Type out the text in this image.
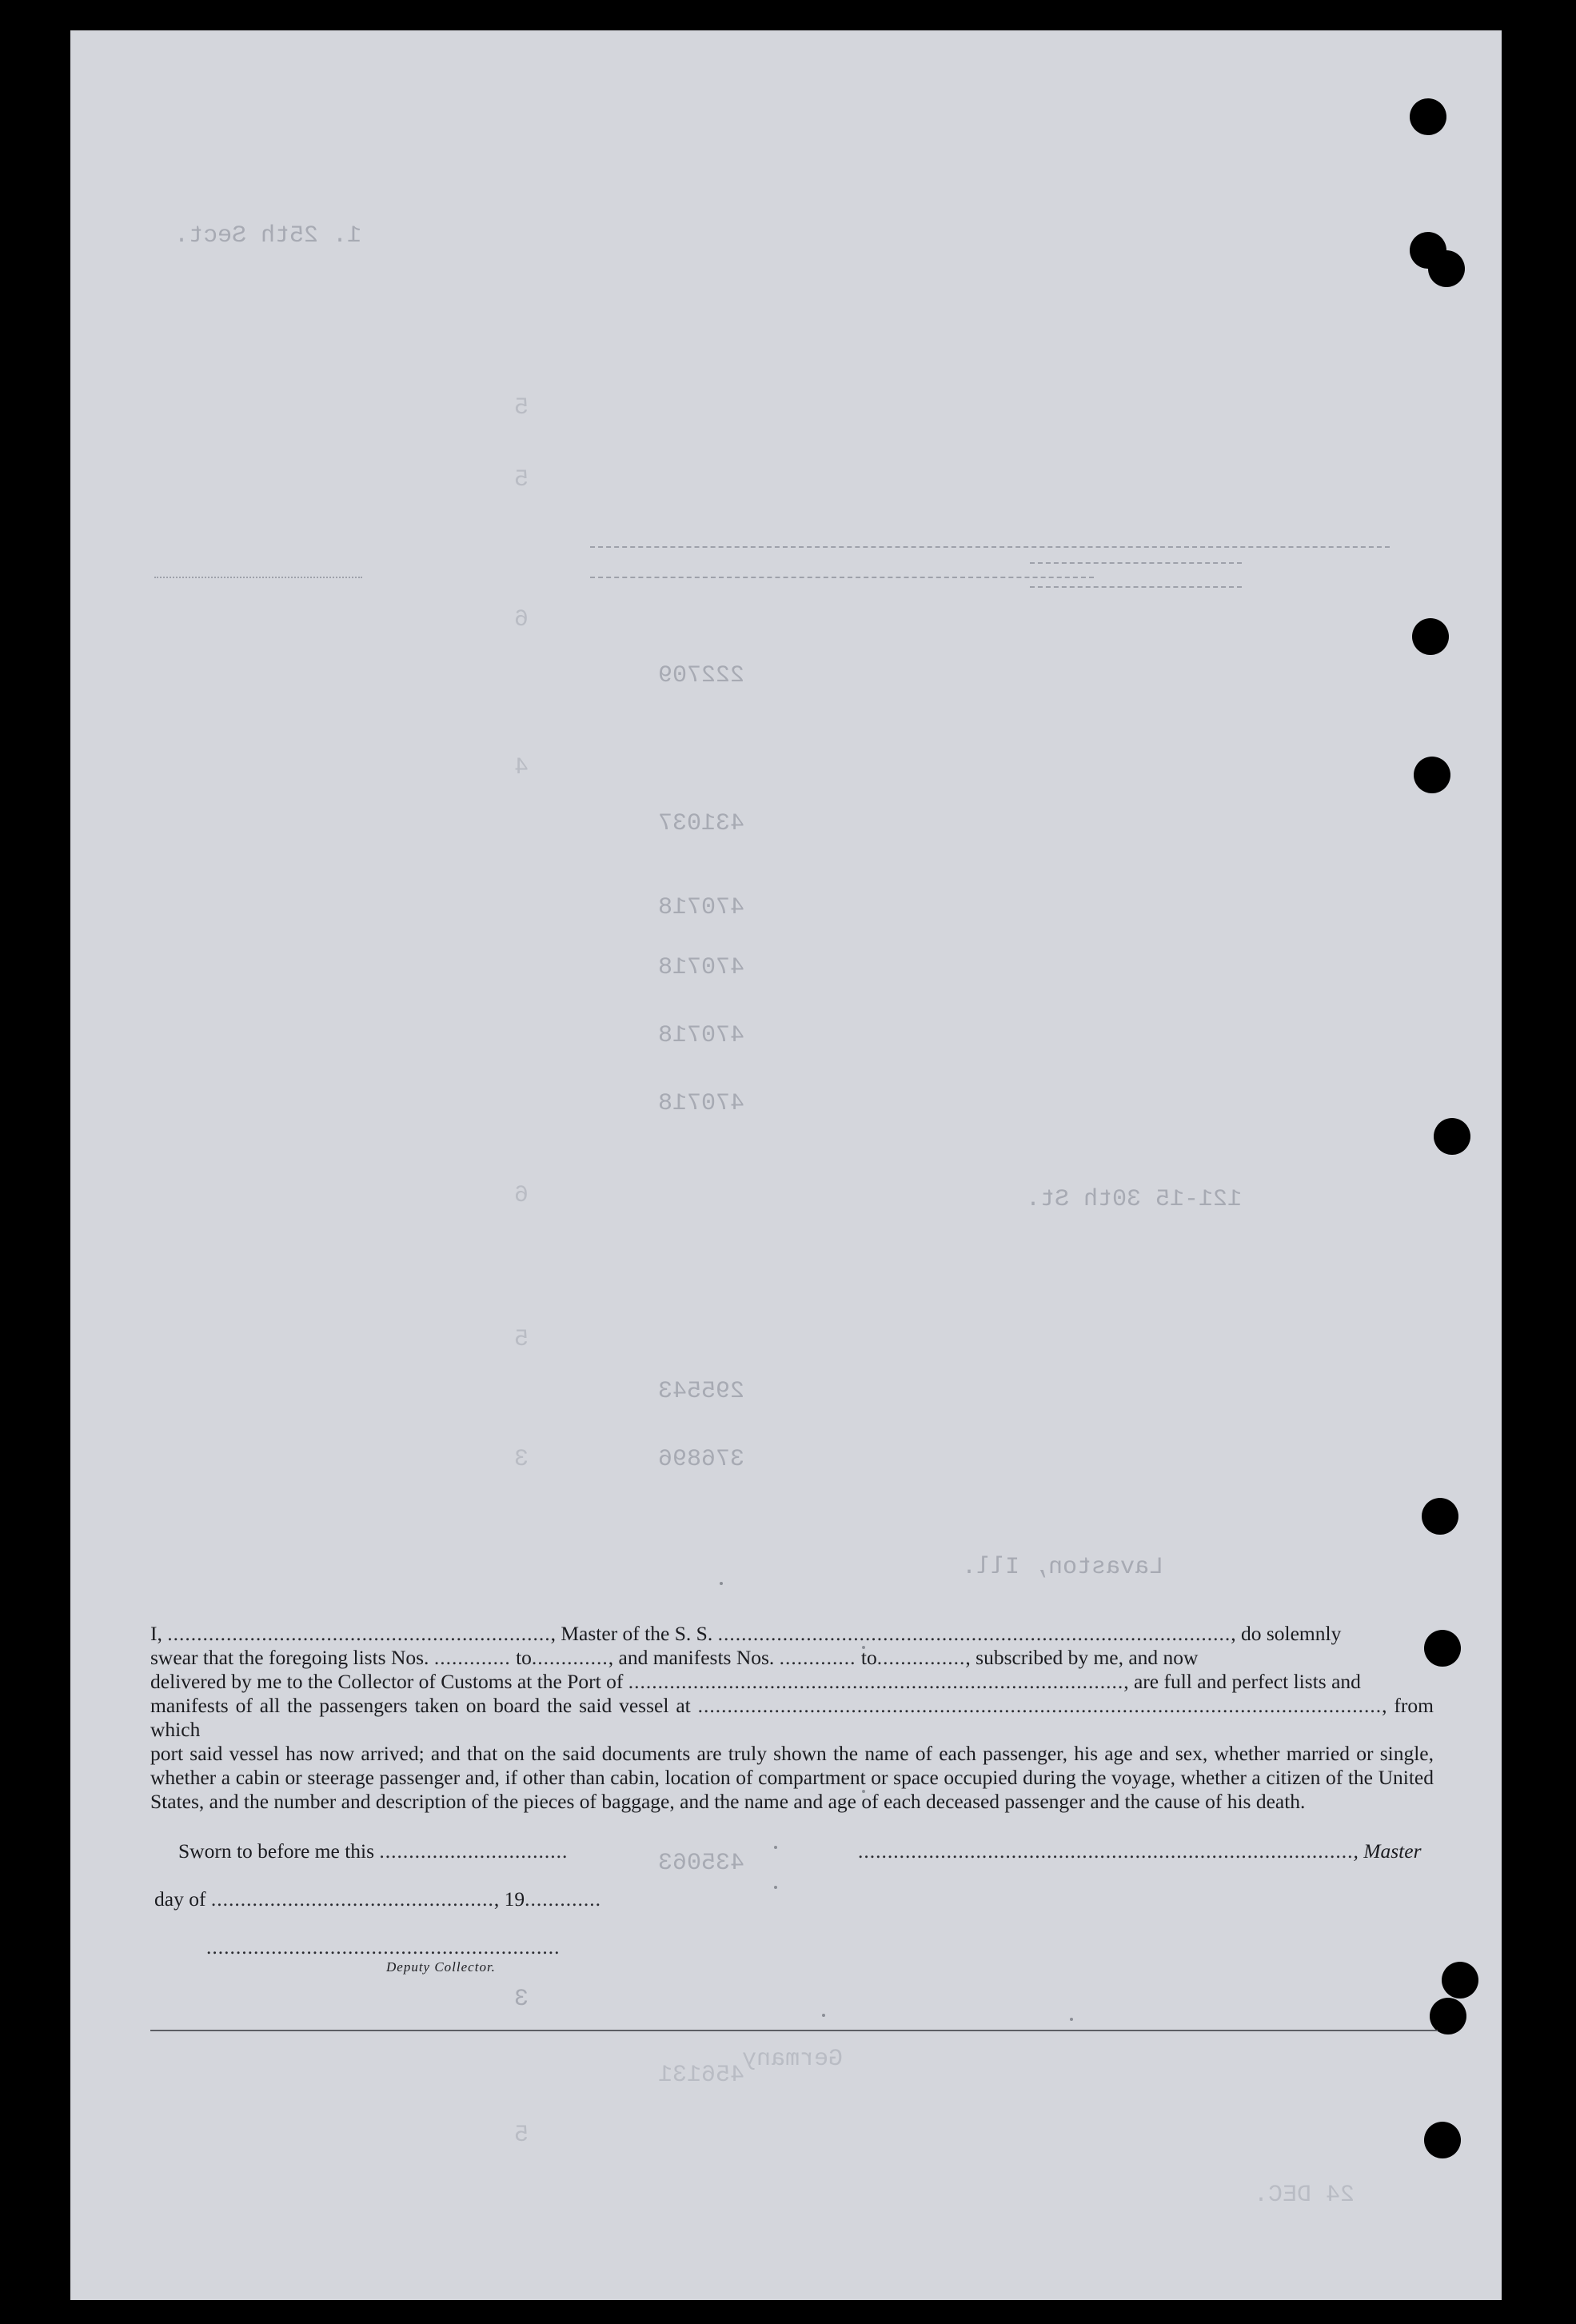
1. 25th Sect.
222709
431037
470718
470718
470718
470718
295543
376896
435063
456131
5
5
6
4
6
5
3
3
5
121-15 30th St.
Lavaston, Ill.
Germany
24 DEC.

I, ................................................................., Master of the S. S. ......................................................................................., do solemnly

swear that the foregoing lists Nos. ............. to............., and manifests Nos. ............. to..............., subscribed by me, and now

delivered by me to the Collector of Customs at the Port of ...................................................................................., are full and perfect lists and

manifests of all the passengers taken on board the said vessel at ...................................................................................................................., from which

port said vessel has now arrived; and that on the said documents are truly shown the name of each passenger, his age and sex, whether married or single, whether a cabin or steerage passenger and, if other than cabin, location of compartment or space occupied during the voyage, whether a citizen of the United States, and the number and description of the pieces of baggage, and the name and age of each deceased passenger and the cause of his death.

Sworn to before me this ................................	...................................................................................., Master
day of ................................................, 19.............
............................................................
Deputy Collector.
